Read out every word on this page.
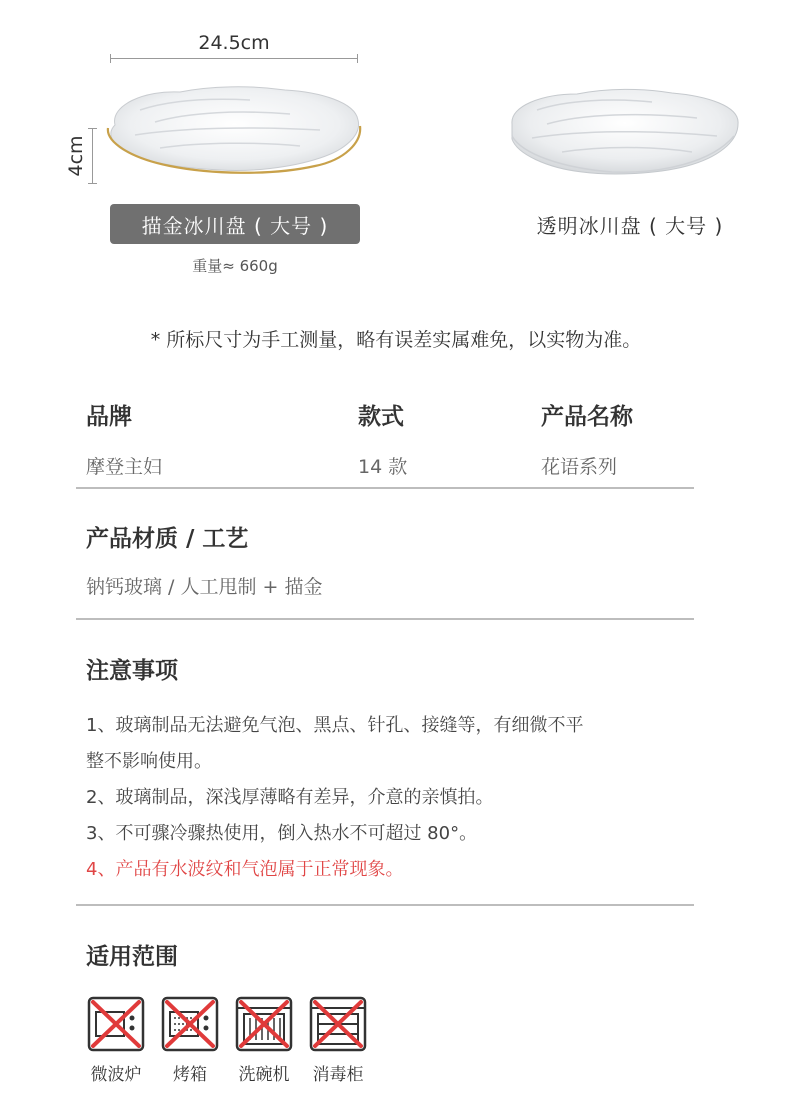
24.5cm
4cm
描金冰川盘 ( 大号 )	透明冰川盘 ( 大号 )
重量≈ 660g
* 所标尺寸为手工测量，略有误差实属难免，以实物为准。
品牌	款式	产品名称
摩登主妇	14 款	花语系列
产品材质 / 工艺
钠钙玻璃 / 人工甩制 + 描金
注意事项
1、玻璃制品无法避免气泡、黑点、针孔、接缝等，有细微不平
整不影响使用。
2、玻璃制品，深浅厚薄略有差异，介意的亲慎拍。
3、不可骤冷骤热使用，倒入热水不可超过 80°。
4、产品有水波纹和气泡属于正常现象。
适用范围
微波炉 烤箱 洗碗机 消毒柜
